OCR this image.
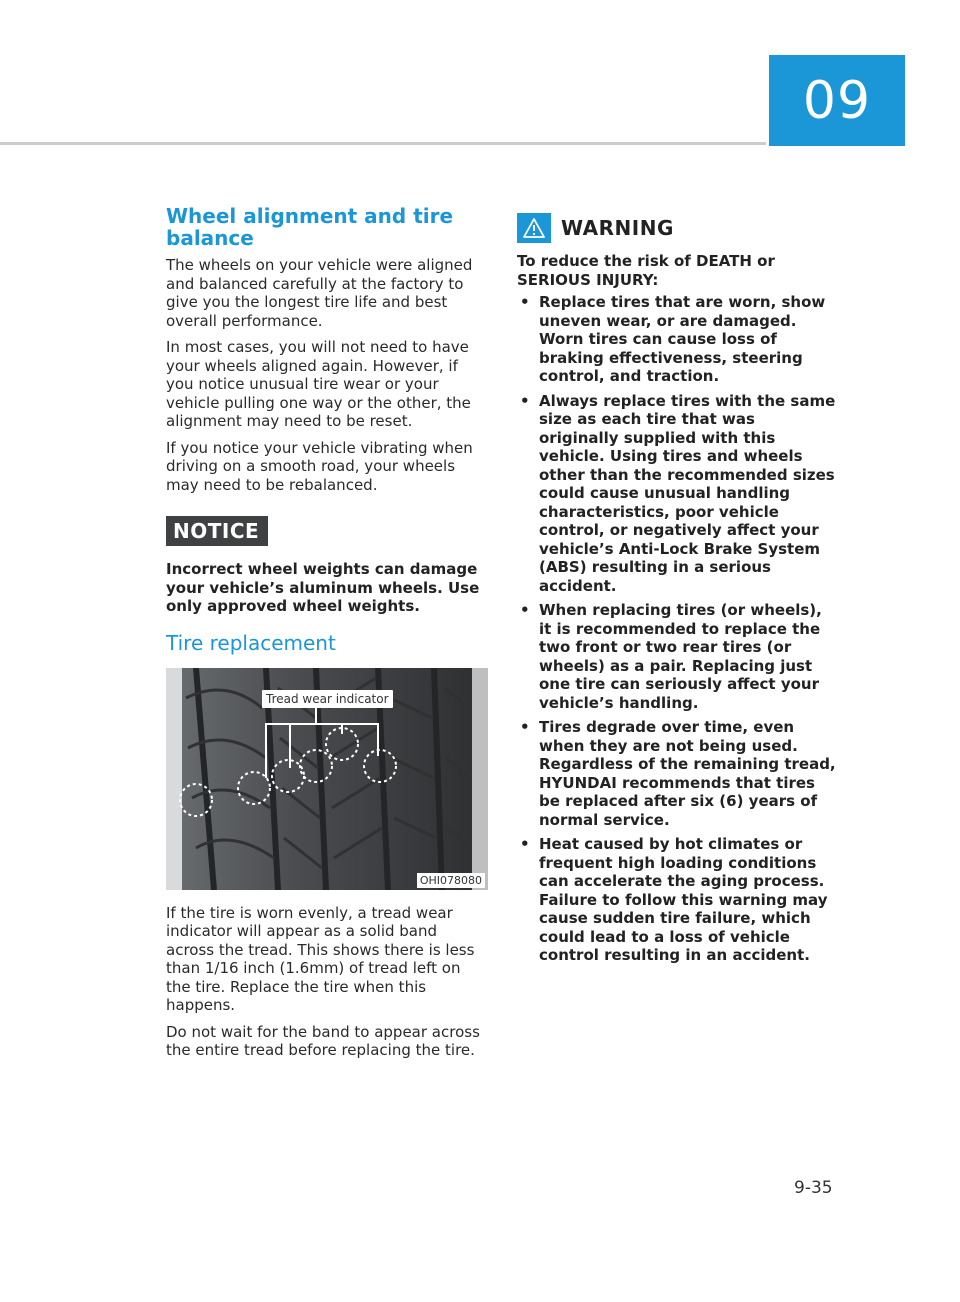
09
Wheel alignment and tire balance

The wheels on your vehicle were aligned and balanced carefully at the factory to give you the longest tire life and best overall performance.

In most cases, you will not need to have your wheels aligned again. However, if you notice unusual tire wear or your vehicle pulling one way or the other, the alignment may need to be reset.

If you notice your vehicle vibrating when driving on a smooth road, your wheels may need to be rebalanced.

NOTICE

Incorrect wheel weights can damage your vehicle’s aluminum wheels. Use only approved wheel weights.

Tire replacement
Tread wear indicator
OHI078080

If the tire is worn evenly, a tread wear indicator will appear as a solid band across the tread. This shows there is less than 1/16 inch (1.6mm) of tread left on the tire. Replace the tire when this happens.

Do not wait for the band to appear across the entire tread before replacing the tire.

WARNING

To reduce the risk of DEATH or SERIOUS INJURY:

• Replace tires that are worn, show uneven wear, or are damaged. Worn tires can cause loss of braking effectiveness, steering control, and traction.
• Always replace tires with the same size as each tire that was originally supplied with this vehicle. Using tires and wheels other than the recommended sizes could cause unusual handling characteristics, poor vehicle control, or negatively affect your vehicle’s Anti-Lock Brake System (ABS) resulting in a serious accident.
• When replacing tires (or wheels), it is recommended to replace the two front or two rear tires (or wheels) as a pair. Replacing just one tire can seriously affect your vehicle’s handling.
• Tires degrade over time, even when they are not being used. Regardless of the remaining tread, HYUNDAI recommends that tires be replaced after six (6) years of normal service.
• Heat caused by hot climates or frequent high loading conditions can accelerate the aging process. Failure to follow this warning may cause sudden tire failure, which could lead to a loss of vehicle control resulting in an accident.
9-35
